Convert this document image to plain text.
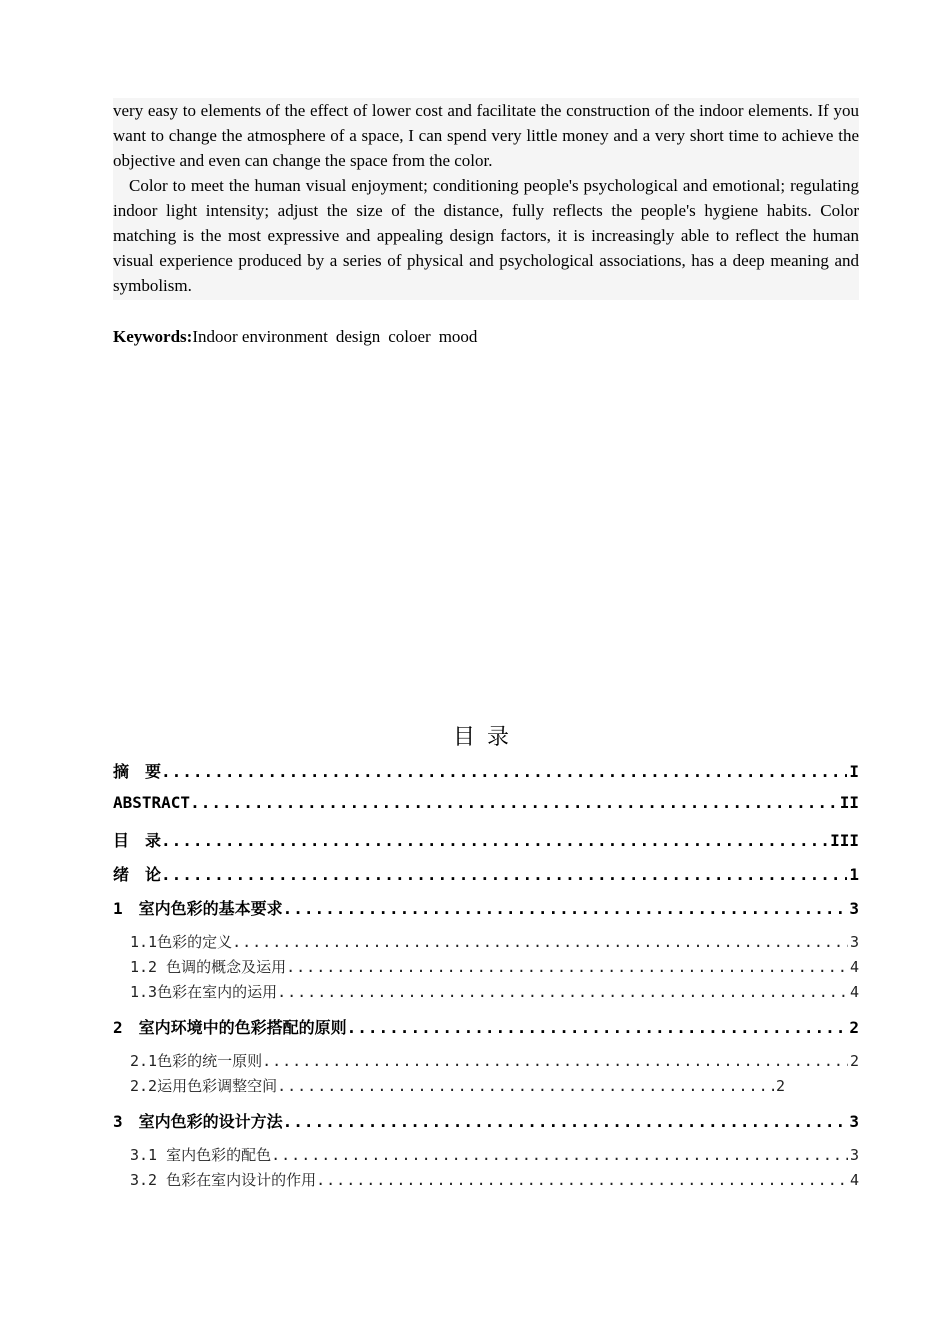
very easy to elements of the effect of lower cost and facilitate the construction of the indoor elements. If you want to change the atmosphere of a space, I can spend very little money and a very short time to achieve the objective and even can change the space from the color.

Color to meet the human visual enjoyment; conditioning people's psychological and emotional; regulating indoor light intensity; adjust the size of the distance, fully reflects the people's hygiene habits. Color matching is the most expressive and appealing design factors, it is increasingly able to reflect the human visual experience produced by a series of physical and psychological associations, has a deep meaning and symbolism.

Keywords:Indoor environment design coloer mood
目录
摘　要 .....	I
ABSTRACT .....	II
目　录 .....	III
绪　论 .....	1
1　室内色彩的基本要求 .....	3
1.1色彩的定义 .....	3
1.2 色调的概念及运用 .....	4
1.3色彩在室内的运用 .....	4
2　室内环境中的色彩搭配的原则 .....	2
2.1色彩的统一原则 .....	2
2.2运用色彩调整空间 .....	2
3　室内色彩的设计方法 .....	3
3.1 室内色彩的配色 .....	3
3.2 色彩在室内设计的作用 .....	4
